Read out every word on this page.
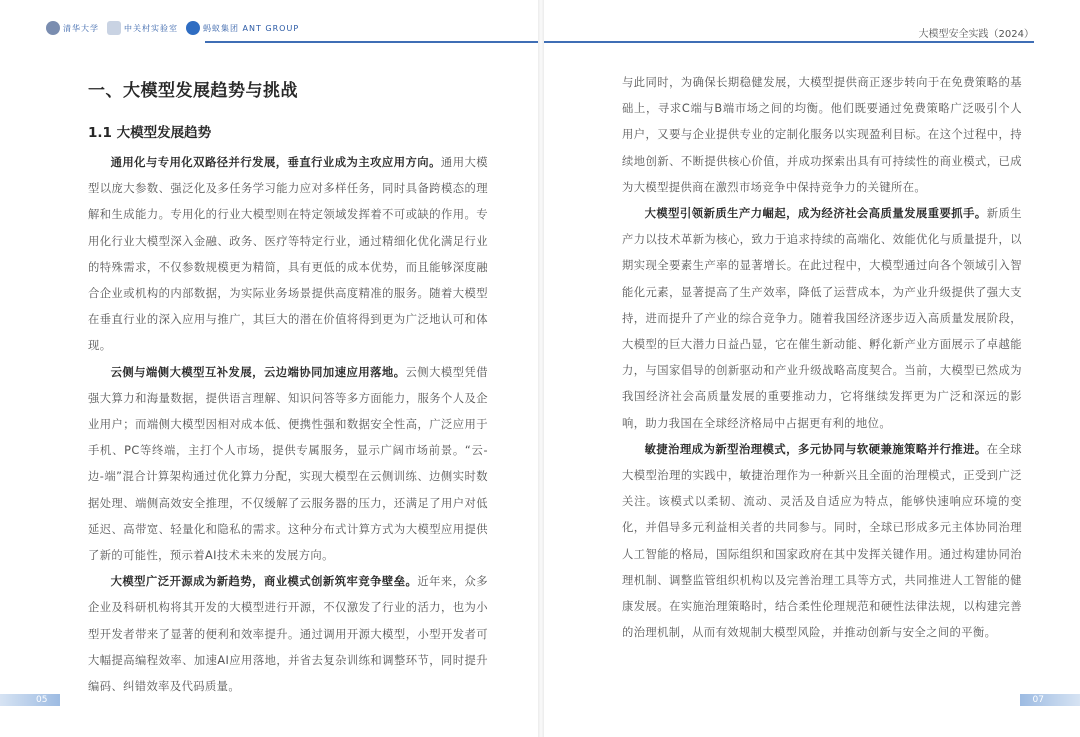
清华大学	中关村实验室	蚂蚁集团 ANT GROUP
大模型安全实践（2024）
一、大模型发展趋势与挑战
1.1 大模型发展趋势

通用化与专用化双路径并行发展，垂直行业成为主攻应用方向。通用大模型以庞大参数、强泛化及多任务学习能力应对多样任务，同时具备跨模态的理解和生成能力。专用化的行业大模型则在特定领域发挥着不可或缺的作用。专用化行业大模型深入金融、政务、医疗等特定行业，通过精细化优化满足行业的特殊需求，不仅参数规模更为精简，具有更低的成本优势，而且能够深度融合企业或机构的内部数据，为实际业务场景提供高度精准的服务。随着大模型在垂直行业的深入应用与推广，其巨大的潜在价值将得到更为广泛地认可和体现。

云侧与端侧大模型互补发展，云边端协同加速应用落地。云侧大模型凭借强大算力和海量数据，提供语言理解、知识问答等多方面能力，服务个人及企业用户；而端侧大模型因相对成本低、便携性强和数据安全性高，广泛应用于手机、PC等终端，主打个人市场，提供专属服务，显示广阔市场前景。“云-边-端”混合计算架构通过优化算力分配，实现大模型在云侧训练、边侧实时数据处理、端侧高效安全推理，不仅缓解了云服务器的压力，还满足了用户对低延迟、高带宽、轻量化和隐私的需求。这种分布式计算方式为大模型应用提供了新的可能性，预示着AI技术未来的发展方向。

大模型广泛开源成为新趋势，商业模式创新筑牢竞争壁垒。近年来，众多企业及科研机构将其开发的大模型进行开源，不仅激发了行业的活力，也为小型开发者带来了显著的便利和效率提升。通过调用开源大模型，小型开发者可大幅提高编程效率、加速AI应用落地，并省去复杂训练和调整环节，同时提升编码、纠错效率及代码质量。

与此同时，为确保长期稳健发展，大模型提供商正逐步转向于在免费策略的基础上，寻求C端与B端市场之间的均衡。他们既要通过免费策略广泛吸引个人用户，又要与企业提供专业的定制化服务以实现盈利目标。在这个过程中，持续地创新、不断提供核心价值，并成功探索出具有可持续性的商业模式，已成为大模型提供商在激烈市场竞争中保持竞争力的关键所在。

大模型引领新质生产力崛起，成为经济社会高质量发展重要抓手。新质生产力以技术革新为核心，致力于追求持续的高端化、效能优化与质量提升，以期实现全要素生产率的显著增长。在此过程中，大模型通过向各个领域引入智能化元素，显著提高了生产效率，降低了运营成本，为产业升级提供了强大支持，进而提升了产业的综合竞争力。随着我国经济逐步迈入高质量发展阶段，大模型的巨大潜力日益凸显，它在催生新动能、孵化新产业方面展示了卓越能力，与国家倡导的创新驱动和产业升级战略高度契合。当前，大模型已然成为我国经济社会高质量发展的重要推动力，它将继续发挥更为广泛和深远的影响，助力我国在全球经济格局中占据更有利的地位。

敏捷治理成为新型治理模式，多元协同与软硬兼施策略并行推进。在全球大模型治理的实践中，敏捷治理作为一种新兴且全面的治理模式，正受到广泛关注。该模式以柔韧、流动、灵活及自适应为特点，能够快速响应环境的变化，并倡导多元利益相关者的共同参与。同时，全球已形成多元主体协同治理人工智能的格局，国际组织和国家政府在其中发挥关键作用。通过构建协同治理机制、调整监管组织机构以及完善治理工具等方式，共同推进人工智能的健康发展。在实施治理策略时，结合柔性伦理规范和硬性法律法规，以构建完善的治理机制，从而有效规制大模型风险，并推动创新与安全之间的平衡。

05	07
